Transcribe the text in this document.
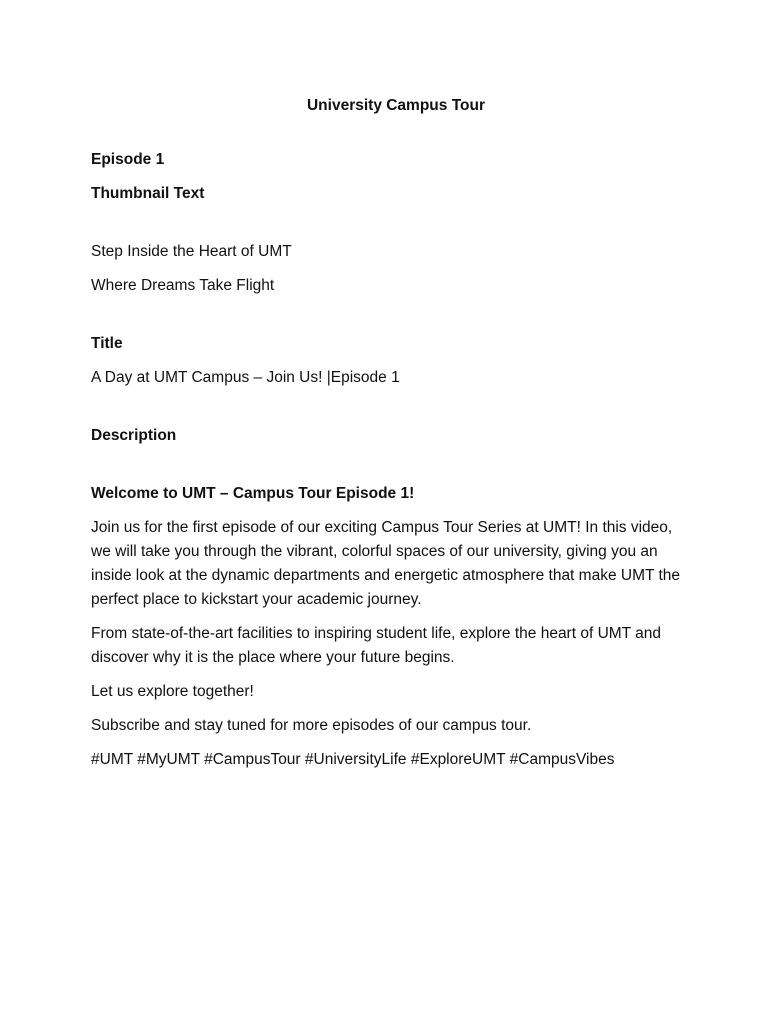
University Campus Tour

Episode 1

Thumbnail Text

Step Inside the Heart of UMT

Where Dreams Take Flight

Title

A Day at UMT Campus – Join Us! |Episode 1

Description

Welcome to UMT – Campus Tour Episode 1!

Join us for the first episode of our exciting Campus Tour Series at UMT! In this video, we will take you through the vibrant, colorful spaces of our university, giving you an inside look at the dynamic departments and energetic atmosphere that make UMT the perfect place to kickstart your academic journey.

From state-of-the-art facilities to inspiring student life, explore the heart of UMT and discover why it is the place where your future begins.

Let us explore together!

Subscribe and stay tuned for more episodes of our campus tour.

#UMT #MyUMT #CampusTour #UniversityLife #ExploreUMT #CampusVibes
